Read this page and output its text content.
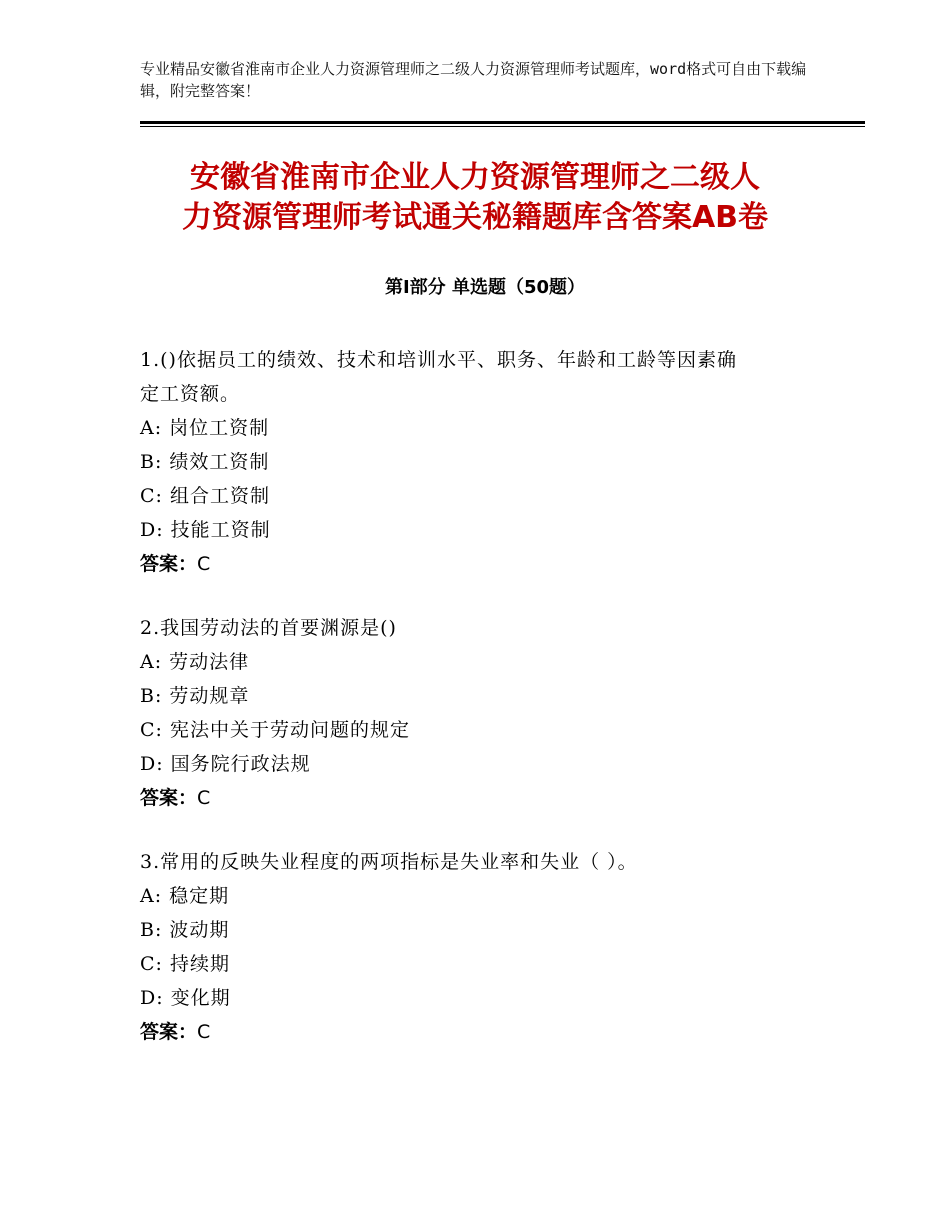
专业精品安徽省淮南市企业人力资源管理师之二级人力资源管理师考试题库，word格式可自由下载编辑，附完整答案！
安徽省淮南市企业人力资源管理师之二级人
力资源管理师考试通关秘籍题库含答案AB卷
第Ⅰ部分 单选题（50题）
1.()依据员工的绩效、技术和培训水平、职务、年龄和工龄等因素确
定工资额。
A: 岗位工资制
B: 绩效工资制
C: 组合工资制
D: 技能工资制
答案：C
2.我国劳动法的首要渊源是()
A: 劳动法律
B: 劳动规章
C: 宪法中关于劳动问题的规定
D: 国务院行政法规
答案：C
3.常用的反映失业程度的两项指标是失业率和失业（ ）。
A: 稳定期
B: 波动期
C: 持续期
D: 变化期
答案：C
